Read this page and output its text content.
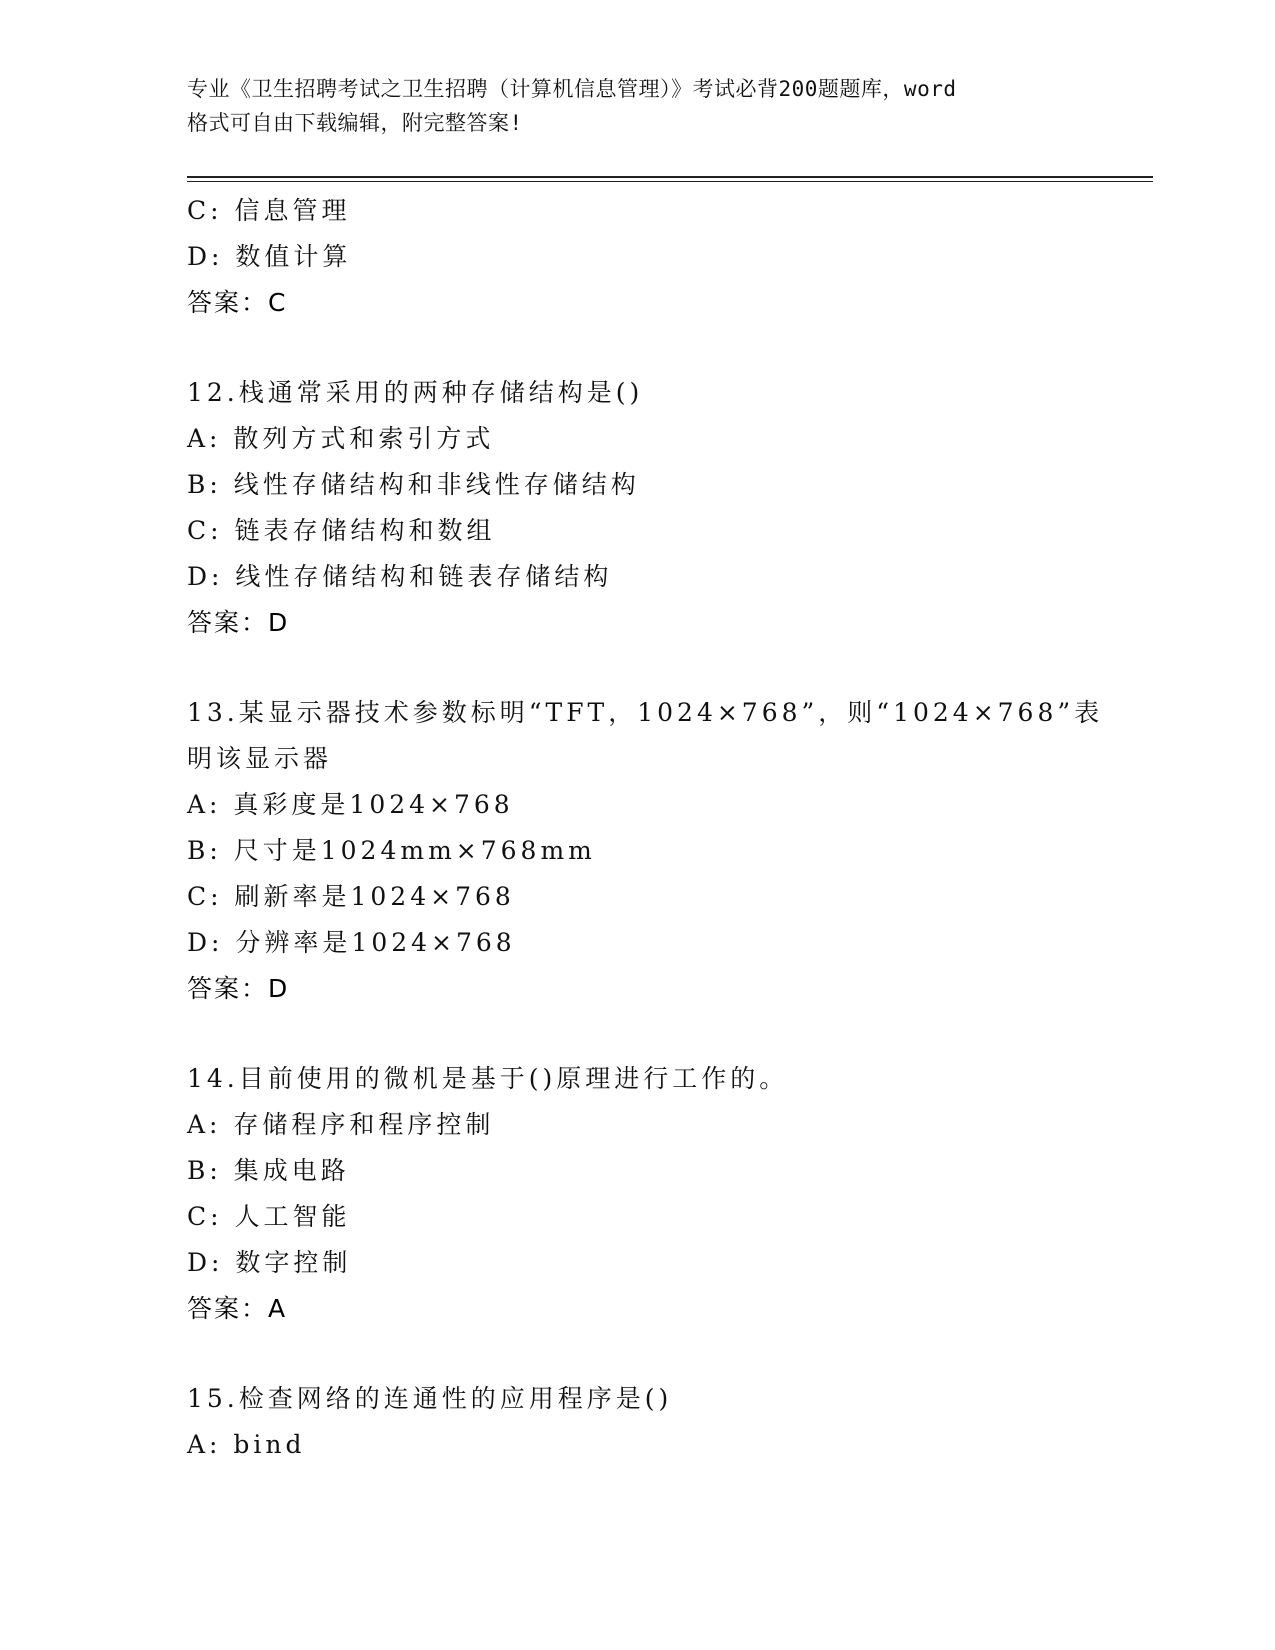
专业《卫生招聘考试之卫生招聘（计算机信息管理）》考试必背200题题库，word
格式可自由下载编辑，附完整答案!
C: 信息管理
D: 数值计算
答案：C
12.栈通常采用的两种存储结构是()
A: 散列方式和索引方式
B: 线性存储结构和非线性存储结构
C: 链表存储结构和数组
D: 线性存储结构和链表存储结构
答案：D
13.某显示器技术参数标明“TFT，1024×768”，则“1024×768”表
明该显示器
A: 真彩度是1024×768
B: 尺寸是1024mm×768mm
C: 刷新率是1024×768
D: 分辨率是1024×768
答案：D
14.目前使用的微机是基于()原理进行工作的。
A: 存储程序和程序控制
B: 集成电路
C: 人工智能
D: 数字控制
答案：A
15.检查网络的连通性的应用程序是()
A: bind
